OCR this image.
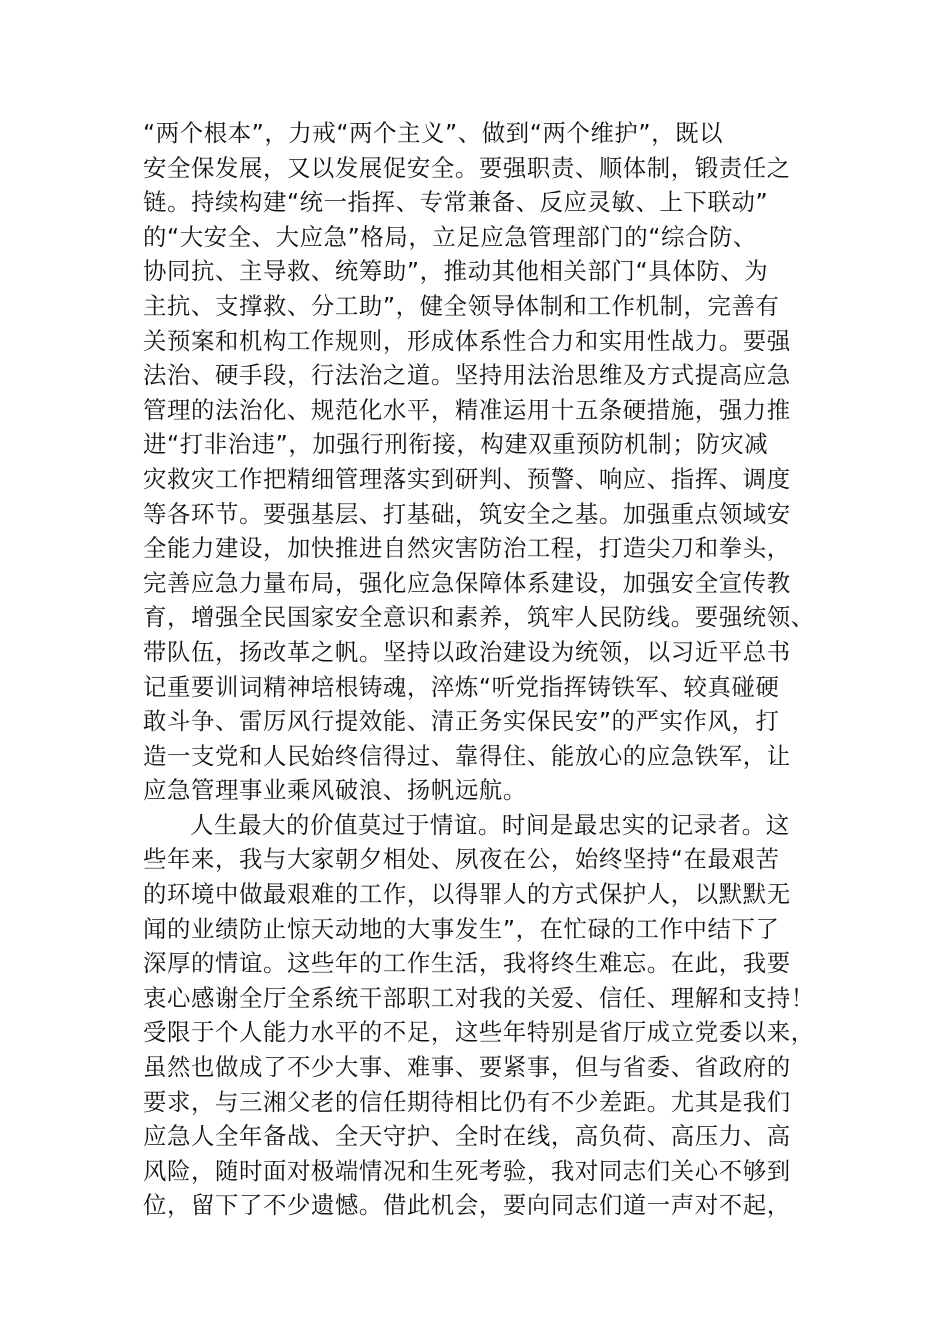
“两个根本”，力戒“两个主义”、做到“两个维护”，既以
安全保发展，又以发展促安全。要强职责、顺体制，锻责任之
链。持续构建“统一指挥、专常兼备、反应灵敏、上下联动”
的“大安全、大应急”格局，立足应急管理部门的“综合防、
协同抗、主导救、统筹助”，推动其他相关部门“具体防、为
主抗、支撑救、分工助”，健全领导体制和工作机制，完善有
关预案和机构工作规则，形成体系性合力和实用性战力。要强
法治、硬手段，行法治之道。坚持用法治思维及方式提高应急
管理的法治化、规范化水平，精准运用十五条硬措施，强力推
进“打非治违”，加强行刑衔接，构建双重预防机制；防灾减
灾救灾工作把精细管理落实到研判、预警、响应、指挥、调度
等各环节。要强基层、打基础，筑安全之基。加强重点领域安
全能力建设，加快推进自然灾害防治工程，打造尖刀和拳头，
完善应急力量布局，强化应急保障体系建设，加强安全宣传教
育，增强全民国家安全意识和素养，筑牢人民防线。要强统领、
带队伍，扬改革之帆。坚持以政治建设为统领，以习近平总书
记重要训词精神培根铸魂，淬炼“听党指挥铸铁军、较真碰硬
敢斗争、雷厉风行提效能、清正务实保民安”的严实作风，打
造一支党和人民始终信得过、靠得住、能放心的应急铁军，让
应急管理事业乘风破浪、扬帆远航。
人生最大的价值莫过于情谊。时间是最忠实的记录者。这
些年来，我与大家朝夕相处、夙夜在公，始终坚持“在最艰苦
的环境中做最艰难的工作，以得罪人的方式保护人，以默默无
闻的业绩防止惊天动地的大事发生”，在忙碌的工作中结下了
深厚的情谊。这些年的工作生活，我将终生难忘。在此，我要
衷心感谢全厅全系统干部职工对我的关爱、信任、理解和支持！
受限于个人能力水平的不足，这些年特别是省厅成立党委以来，
虽然也做成了不少大事、难事、要紧事，但与省委、省政府的
要求，与三湘父老的信任期待相比仍有不少差距。尤其是我们
应急人全年备战、全天守护、全时在线，高负荷、高压力、高
风险，随时面对极端情况和生死考验，我对同志们关心不够到
位，留下了不少遗憾。借此机会，要向同志们道一声对不起，
